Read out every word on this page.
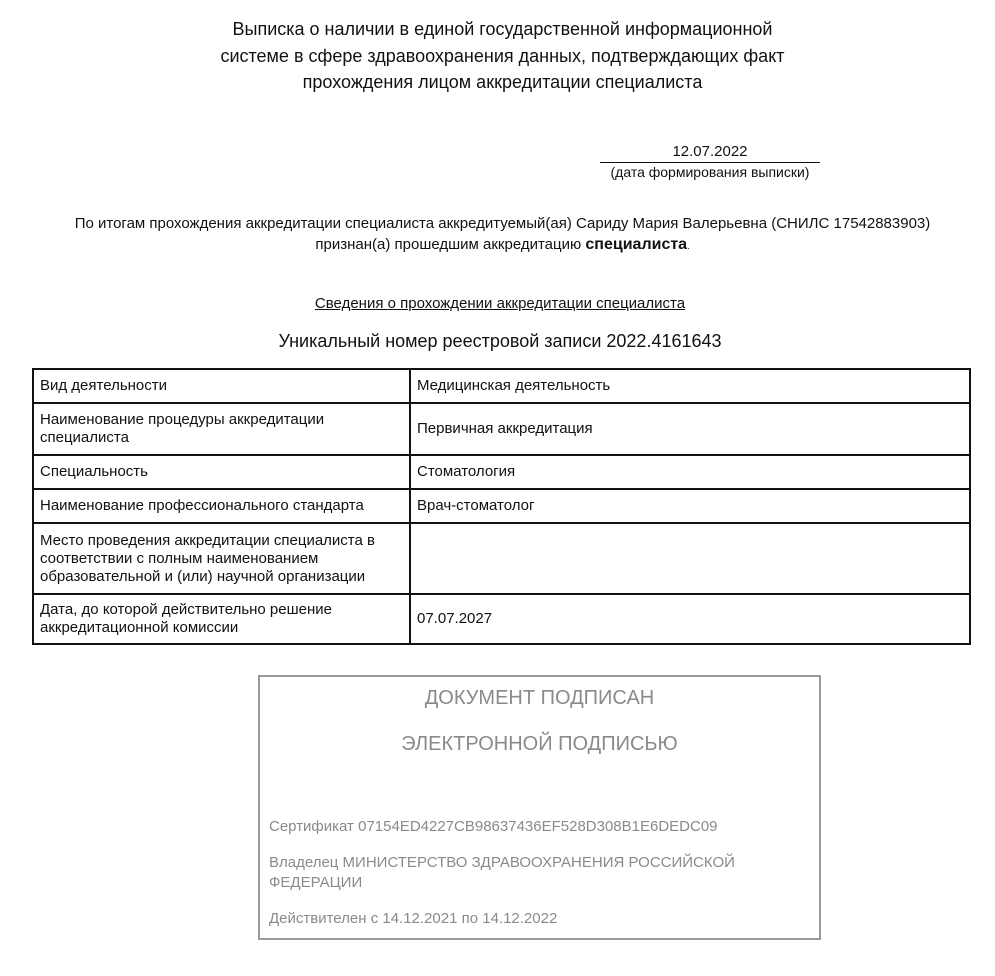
Выписка о наличии в единой государственной информационной
системе в сфере здравоохранения данных, подтверждающих факт
прохождения лицом аккредитации специалиста
12.07.2022
(дата формирования выписки)
По итогам прохождения аккредитации специалиста аккредитуемый(ая) Сариду Мария Валерьевна (СНИЛС 17542883903)
признан(а) прошедшим аккредитацию специалиста.
Сведения о прохождении аккредитации специалиста
Уникальный номер реестровой записи 2022.4161643
Вид деятельности	Медицинская деятельность
Наименование процедуры аккредитации специалиста	Первичная аккредитация
Специальность	Стоматология
Наименование профессионального стандарта	Врач-стоматолог
Место проведения аккредитации специалиста в соответствии с полным наименованием образовательной и (или) научной организации	
Дата, до которой действительно решение аккредитационной комиссии	07.07.2027
ДОКУМЕНТ ПОДПИСАН
ЭЛЕКТРОННОЙ ПОДПИСЬЮ
Сертификат 07154ED4227CB98637436EF528D308B1E6DEDC09
Владелец МИНИСТЕРСТВО ЗДРАВООХРАНЕНИЯ РОССИЙСКОЙ ФЕДЕРАЦИИ
Действителен с 14.12.2021 по 14.12.2022
